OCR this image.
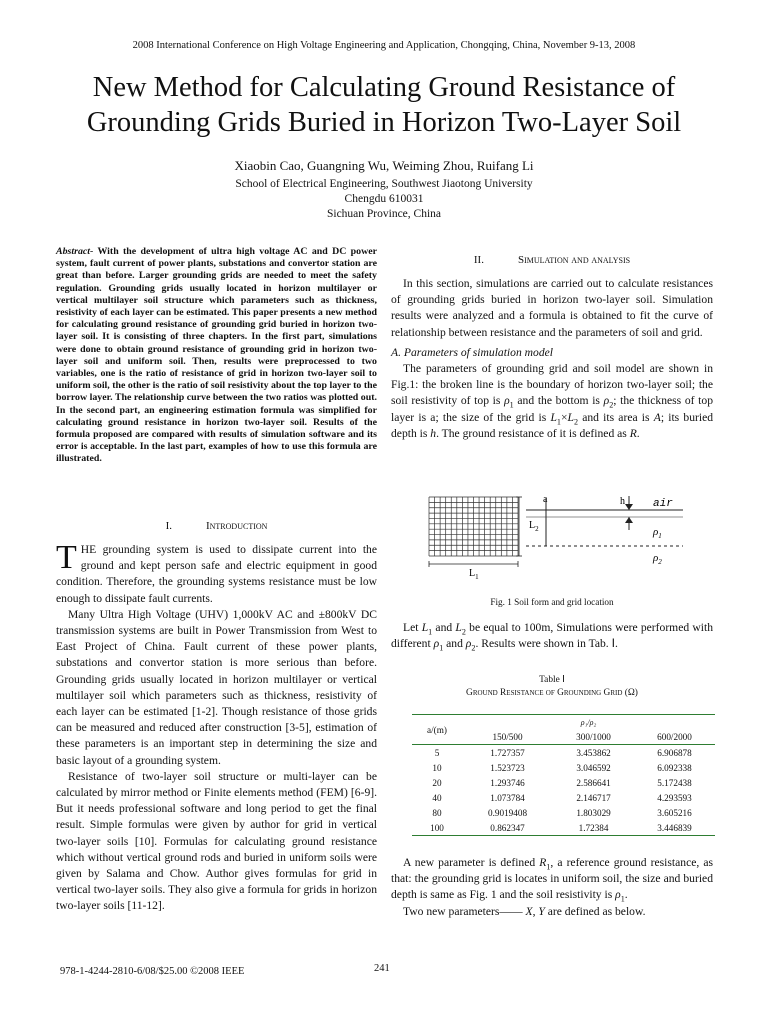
2008 International Conference on High Voltage Engineering and Application, Chongqing, China, November 9-13, 2008
New Method for Calculating Ground Resistance of
Grounding Grids Buried in Horizon Two-Layer Soil
Xiaobin Cao, Guangning Wu, Weiming Zhou, Ruifang Li
School of Electrical Engineering, Southwest Jiaotong University
Chengdu 610031
Sichuan Province, China
Abstract- With the development of ultra high voltage AC and DC power system, fault current of power plants, substations and convertor station are great than before. Larger grounding grids are needed to meet the safety regulation. Grounding grids usually located in horizon multilayer or vertical multilayer soil structure which parameters such as thickness, resistivity of each layer can be estimated. This paper presents a new method for calculating ground resistance of grounding grid buried in horizon two-layer soil. It is consisting of three chapters. In the first part, simulations were done to obtain ground resistance of grounding grid in horizon two-layer soil and uniform soil. Then, results were preprocessed to two variables, one is the ratio of resistance of grid in horizon two-layer soil to uniform soil, the other is the ratio of soil resistivity about the top layer to the borrow layer. The relationship curve between the two ratios was plotted out. In the second part, an engineering estimation formula was simplified for calculating ground resistance in horizon two-layer soil. Results of the formula proposed are compared with results of simulation software and its error is acceptable. In the last part, examples of how to use this formula are illustrated.
I.	Introduction

THE grounding system is used to dissipate current into the ground and kept person safe and electric equipment in good condition. Therefore, the grounding systems resistance must be low enough to dissipate fault currents.

Many Ultra High Voltage (UHV) 1,000kV AC and ±800kV DC transmission systems are built in Power Transmission from West to East Project of China. Fault current of these power plants, substations and convertor station is more serious than before. Grounding grids usually located in horizon multilayer or vertical multilayer soil which parameters such as thickness, resistivity of each layer can be estimated [1-2]. Though resistance of those grids can be measured and reduced after construction [3-5], estimation of these parameters is an important step in determining the size and basic layout of a grounding system.

Resistance of two-layer soil structure or multi-layer can be calculated by mirror method or Finite elements method (FEM) [6-9]. But it needs professional software and long period to get the final result. Simple formulas were given by author for grid in vertical two-layer soils [10]. Formulas for calculating ground resistance which without vertical ground rods and buried in uniform soils were given by Salama and Chow. Author gives formulas for grid in vertical two-layer soils. They also give a formula for grids in horizon two-layer soils [11-12].

II.	Simulation and analysis

In this section, simulations are carried out to calculate resistances of grounding grids buried in horizon two-layer soil. Simulation results were analyzed and a formula is obtained to fit the curve of relationship between resistance and the parameters of soil and grid.

A. Parameters of simulation model

The parameters of grounding grid and soil model are shown in Fig.1: the broken line is the boundary of horizon two-layer soil; the soil resistivity of top is $\rho_1$ and the bottom is $\rho_2$; the thickness of top layer is a; the size of the grid is $L_1\times L_2$ and its area is A; its buried depth is h. The ground resistance of it is defined as R.

a	h	air
$L_2$
$L_1$
$\rho_1$
$\rho_2$
Fig. 1 Soil form and grid location

Let $L_1$ and $L_2$ be equal to 100m, Simulations were performed with different $\rho_1$ and $\rho_2$. Results were shown in Tab. Ⅰ.

Table Ⅰ
Ground Resistance of Grounding Grid (Ω)
a/(m)	ρ₁/ρ₂		
	150/500	300/1000	600/2000
5	1.727357	3.453862	6.906878
10	1.523723	3.046592	6.092338
20	1.293746	2.586641	5.172438
40	1.073784	2.146717	4.293593
80	0.9019408	1.803029	3.605216
100	0.862347	1.72384	3.446839

A new parameter is defined $R_1$, a reference ground resistance, as that: the grounding grid is locates in uniform soil, the size and buried depth is same as Fig. 1 and the soil resistivity is $\rho_1$.

Two new parameters—— X, Y are defined as below.

978-1-4244-2810-6/08/$25.00 ©2008 IEEE	241
